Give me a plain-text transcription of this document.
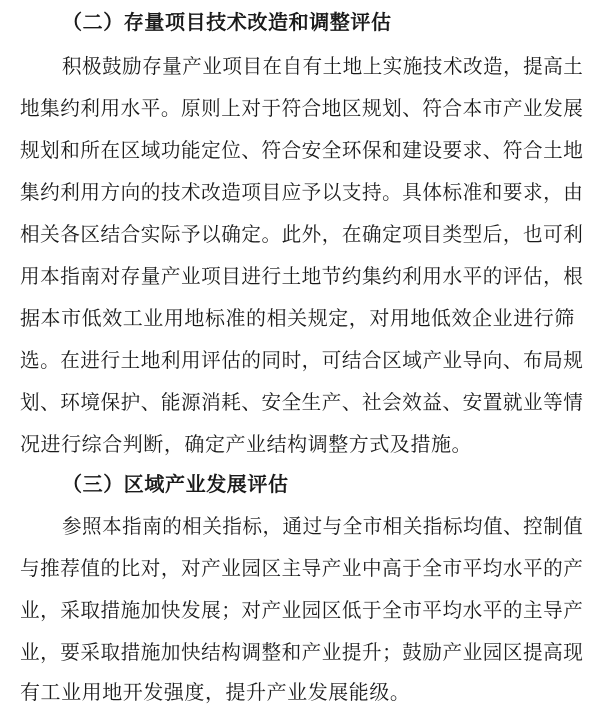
（二）存量项目技术改造和调整评估
积极鼓励存量产业项目在自有土地上实施技术改造，提高土
地集约利用水平。原则上对于符合地区规划、符合本市产业发展
规划和所在区域功能定位、符合安全环保和建设要求、符合土地
集约利用方向的技术改造项目应予以支持。具体标准和要求，由
相关各区结合实际予以确定。此外，在确定项目类型后，也可利
用本指南对存量产业项目进行土地节约集约利用水平的评估，根
据本市低效工业用地标准的相关规定，对用地低效企业进行筛
选。在进行土地利用评估的同时，可结合区域产业导向、布局规
划、环境保护、能源消耗、安全生产、社会效益、安置就业等情
况进行综合判断，确定产业结构调整方式及措施。
（三）区域产业发展评估
参照本指南的相关指标，通过与全市相关指标均值、控制值
与推荐值的比对，对产业园区主导产业中高于全市平均水平的产
业，采取措施加快发展；对产业园区低于全市平均水平的主导产
业，要采取措施加快结构调整和产业提升；鼓励产业园区提高现
有工业用地开发强度，提升产业发展能级。
